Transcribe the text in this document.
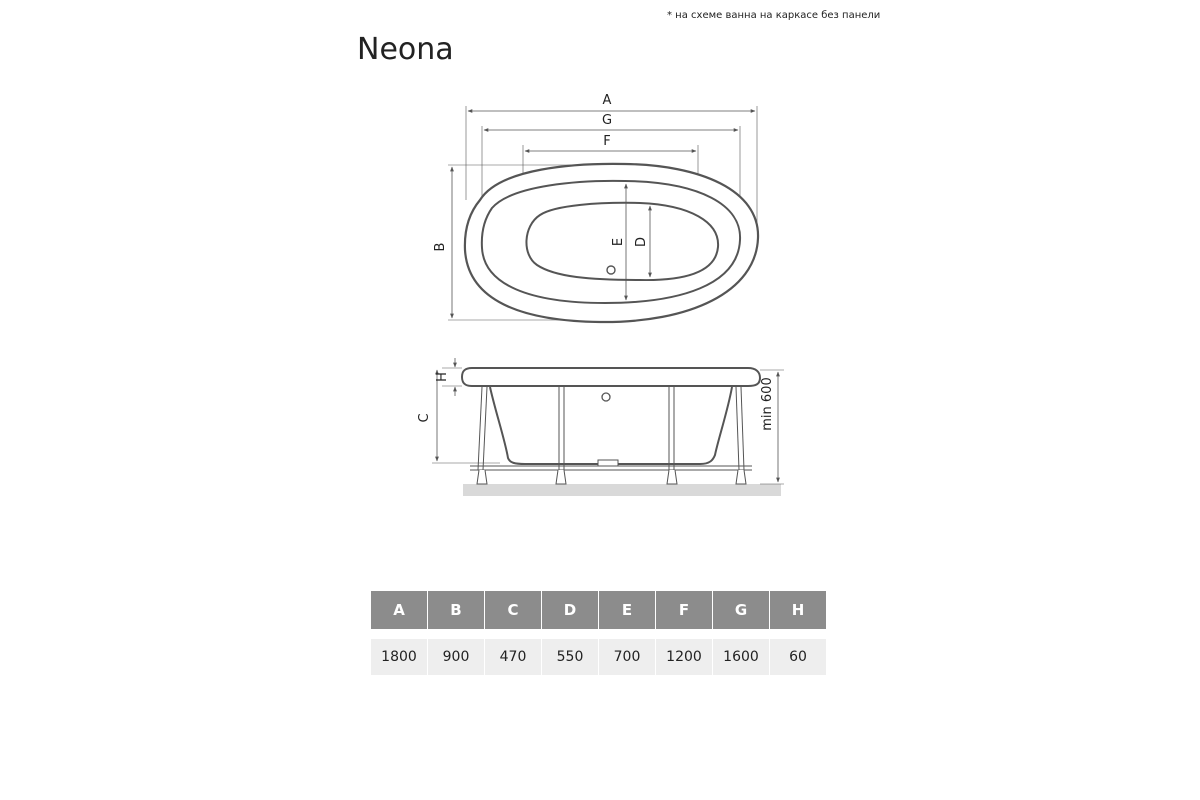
* на схеме ванна на каркасе без панели
Neona
A
G
F
B
E D
H
C	min 600
A	B	C	D	E	F	G	H

1800	900	470	550	700	1200	1600	60
